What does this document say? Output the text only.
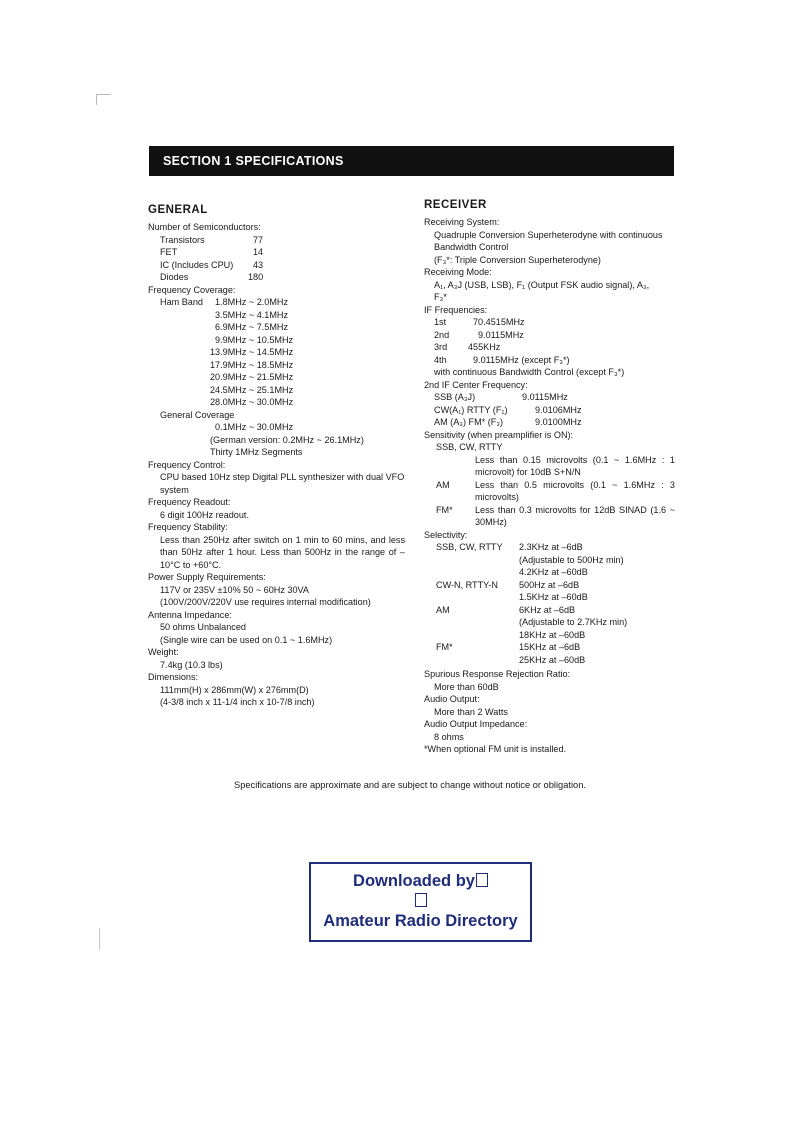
SECTION 1 SPECIFICATIONS
GENERAL
Number of Semiconductors:
Transistors	77
FET	14
IC (Includes CPU) 43
Diodes	180
Frequency Coverage:
Ham Band 1.8MHz ~ 2.0MHz
3.5MHz ~ 4.1MHz
6.9MHz ~ 7.5MHz
9.9MHz ~ 10.5MHz
13.9MHz ~ 14.5MHz
17.9MHz ~ 18.5MHz
20.9MHz ~ 21.5MHz
24.5MHz ~ 25.1MHz
28.0MHz ~ 30.0MHz
General Coverage
0.1MHz ~ 30.0MHz
(German version: 0.2MHz ~ 26.1MHz)
Thirty 1MHz Segments
Frequency Control:
CPU based 10Hz step Digital PLL synthesizer with dual VFO system
Frequency Readout:
6 digit 100Hz readout.
Frequency Stability:
Less than 250Hz after switch on 1 min to 60 mins, and less than 50Hz after 1 hour. Less than 500Hz in the range of –10°C to +60°C.
Power Supply Requirements:
117V or 235V ±10% 50 ~ 60Hz 30VA
(100V/200V/220V use requires internal modification)
Antenna Impedance:
50 ohms Unbalanced
(Single wire can be used on 0.1 ~ 1.6MHz)
Weight:
7.4kg (10.3 lbs)
Dimensions:
111mm(H) x 286mm(W) x 276mm(D)
(4-3/8 inch x 11-1/4 inch x 10-7/8 inch)
RECEIVER
Receiving System:
Quadruple Conversion Superheterodyne with continuous
Bandwidth Control
(F₃*: Triple Conversion Superheterodyne)
Receiving Mode:
A₁, A₃J (USB, LSB), F₁ (Output FSK audio signal), A₃,
F₃*
IF Frequencies:
1st	70.4515MHz
2nd	9.0115MHz
3rd 455KHz
4th	9.0115MHz (except F₃*)
with continuous Bandwidth Control (except F₃*)
2nd IF Center Frequency:
SSB (A₃J)	9.0115MHz
CW(A₁) RTTY (F₁)	9.0106MHz
AM (A₃) FM* (F₃)	9.0100MHz
Sensitivity (when preamplifier is ON):
SSB, CW, RTTY
Less than 0.15 microvolts (0.1 ~ 1.6MHz : 1 microvolt) for 10dB S+N/N
AM	Less than 0.5 microvolts (0.1 ~ 1.6MHz : 3 microvolts)
FM* Less than 0.3 microvolts for 12dB SINAD (1.6 ~ 30MHz)
Selectivity:
SSB, CW, RTTY 2.3KHz at –6dB
(Adjustable to 500Hz min)
4.2KHz at –60dB
CW-N, RTTY-N 500Hz at –6dB
1.5KHz at –60dB
AM	6KHz at –6dB
(Adjustable to 2.7KHz min)
18KHz at –60dB
FM*	15KHz at –6dB
25KHz at –60dB
Spurious Response Rejection Ratio:
More than 60dB
Audio Output:
More than 2 Watts
Audio Output Impedance:
8 ohms
*When optional FM unit is installed.
Specifications are approximate and are subject to change without notice or obligation.
Downloaded by
Amateur Radio Directory
